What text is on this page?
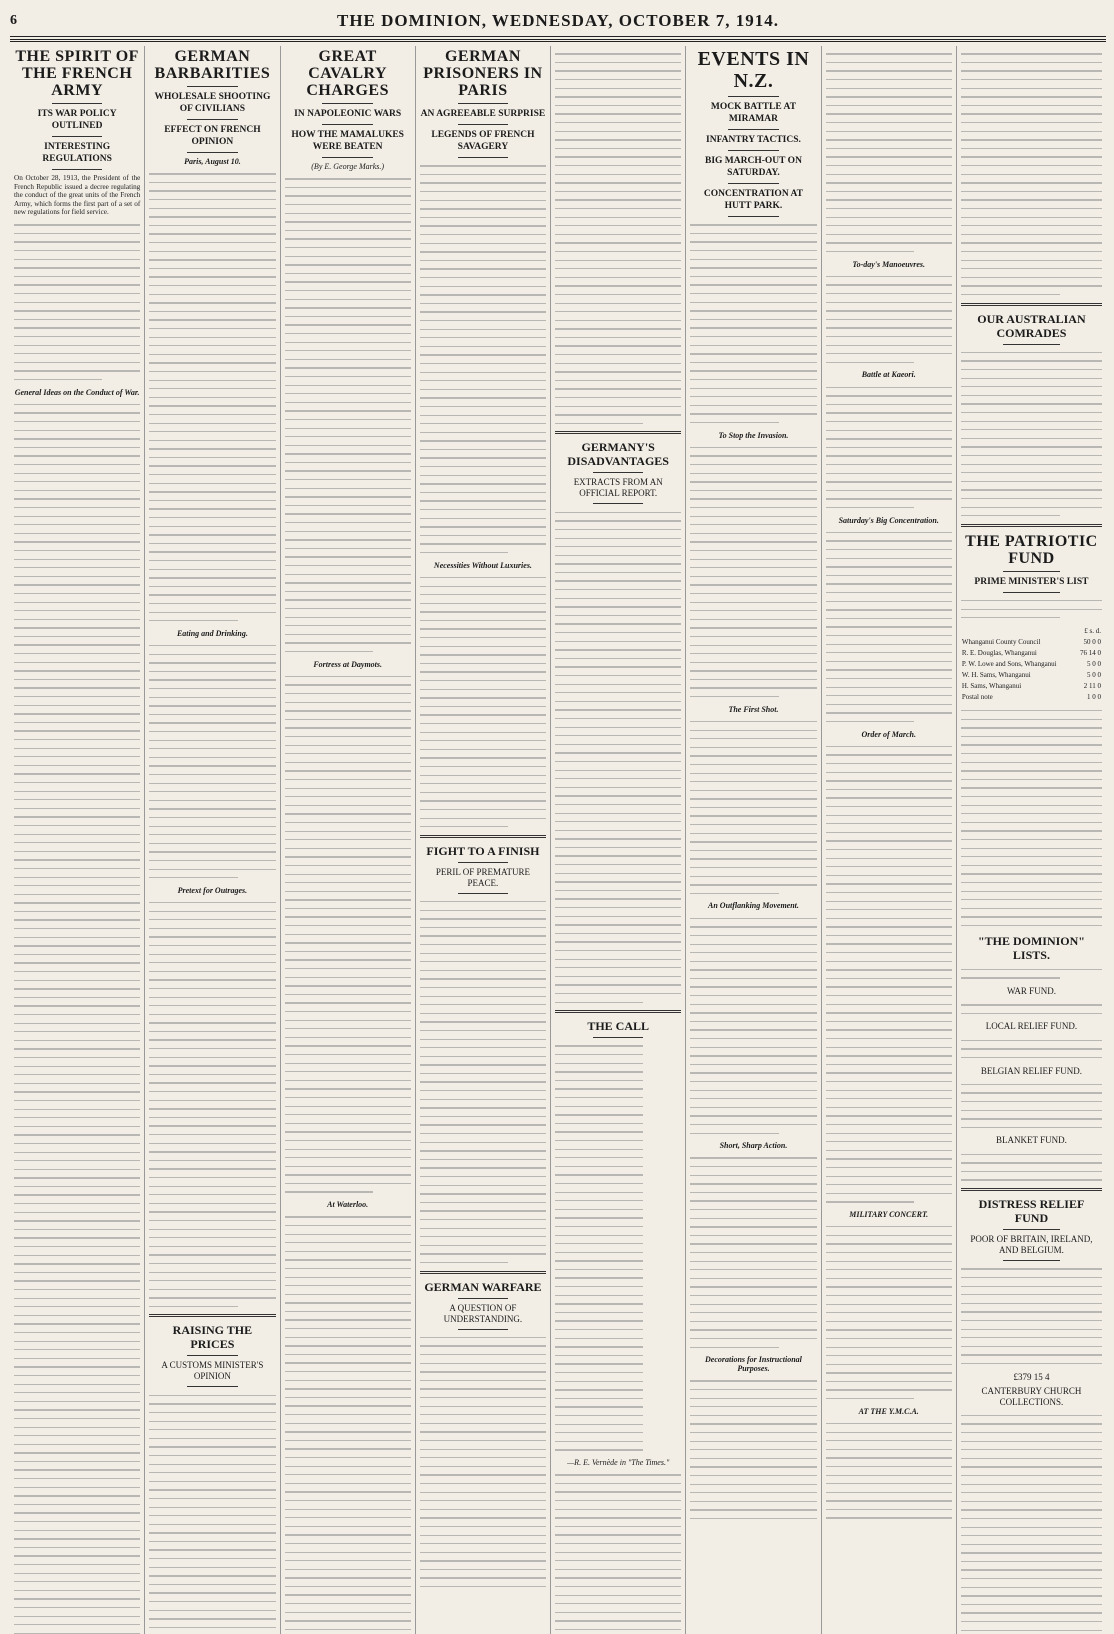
6	THE DOMINION, WEDNESDAY, OCTOBER 7, 1914.
THE SPIRIT OF THE FRENCH ARMY
ITS WAR POLICY OUTLINED
INTERESTING REGULATIONS
On October 28, 1913, the President of the French Republic issued a decree regulating the conduct of the great units of the French Army, which forms the first part of a set of new regulations for field service.
General Ideas on the Conduct of War.
GERMAN BARBARITIES
WHOLESALE SHOOTING OF CIVILIANS
EFFECT ON FRENCH OPINION
Paris, August 10.
Eating and Drinking.
Pretext for Outrages.
RAISING THE PRICES
A CUSTOMS MINISTER'S OPINION
GREAT CAVALRY CHARGES
IN NAPOLEONIC WARS
HOW THE MAMALUKES WERE BEATEN
(By E. George Marks.)
Fortress at Daymots.
At Waterloo.
GERMAN PRISONERS IN PARIS
AN AGREEABLE SURPRISE
LEGENDS OF FRENCH SAVAGERY
Necessities Without Luxuries.
FIGHT TO A FINISH
PERIL OF PREMATURE PEACE.
GERMAN WARFARE
A QUESTION OF UNDERSTANDING.
GERMANY'S DISADVANTAGES
EXTRACTS FROM AN OFFICIAL REPORT.
THE CALL
—R. E. Vernède in "The Times."
EVENTS IN N.Z.
MOCK BATTLE AT MIRAMAR
INFANTRY TACTICS.
BIG MARCH-OUT ON SATURDAY.
CONCENTRATION AT HUTT PARK.
To Stop the Invasion.
The First Shot.
An Outflanking Movement.
Short, Sharp Action.
Decorations for Instructional Purposes.
To-day's Manoeuvres.
Battle at Kaeori.
Saturday's Big Concentration.
Order of March.
MILITARY CONCERT.
AT THE Y.M.C.A.
OUR AUSTRALIAN COMRADES
THE PATRIOTIC FUND
PRIME MINISTER'S LIST
	£ s. d.
Whanganui County Council	50 0 0
R. E. Douglas, Whanganui	76 14 0
P. W. Lowe and Sons, Whanganui	5 0 0
W. H. Sams, Whanganui	5 0 0
H. Sams, Whanganui	2 11 0
Postal note	1 0 0
"THE DOMINION" LISTS.
WAR FUND.
LOCAL RELIEF FUND.
BELGIAN RELIEF FUND.
BLANKET FUND.
DISTRESS RELIEF FUND
POOR OF BRITAIN, IRELAND, AND BELGIUM.
£379 15 4
CANTERBURY CHURCH COLLECTIONS.
